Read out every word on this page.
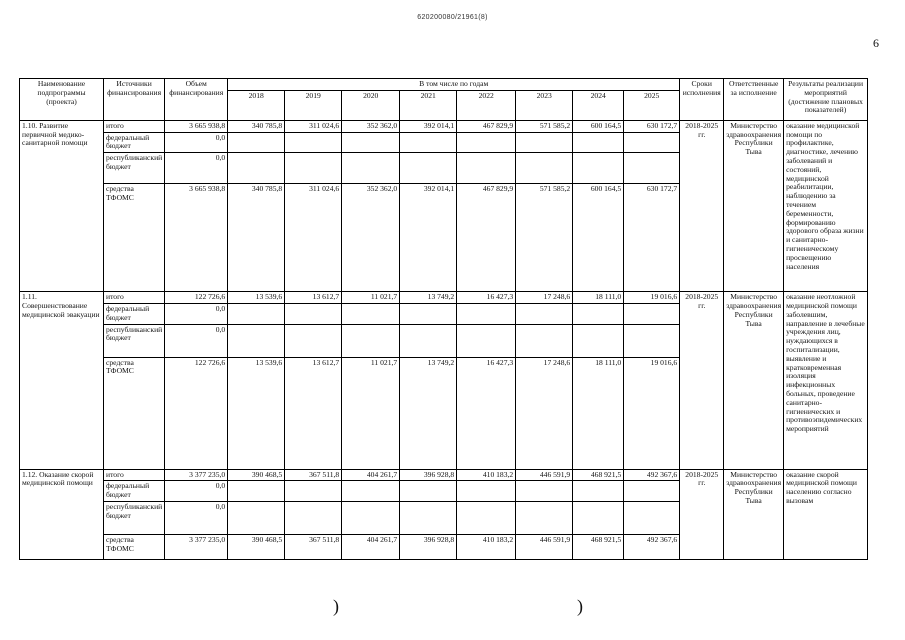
620200080/21961(8)
6
Наименование подпрограммы (проекта)	Источники финансирования	Объем финансирования	В том числе по годам								Сроки исполнения	Ответственные за исполнение	Результаты реализации мероприятий (достижение плановых показателей)
			2018	2019	2020	2021	2022	2023	2024	2025			
1.10. Развитие первичной медико-санитарной помощи	итого	3 665 938,8	340 785,8	311 024,6	352 362,0	392 014,1	467 829,9	571 585,2	600 164,5	630 172,7	2018-2025 гг.	Министерство здравоохранения Республики Тыва	оказание медицинской помощи по профилактике, диагностике, лечению заболеваний и состояний, медицинской реабилитации, наблюдению за течением беременности, формированию здорового образа жизни и санитарно-гигиеническому просвещению населения
	федеральный бюджет	0,0											
	республиканский бюджет	0,0											
	средства ТФОМС	3 665 938,8	340 785,8	311 024,6	352 362,0	392 014,1	467 829,9	571 585,2	600 164,5	630 172,7			
1.11. Совершенствование медицинской эвакуации	итого	122 726,6	13 539,6	13 612,7	11 021,7	13 749,2	16 427,3	17 248,6	18 111,0	19 016,6	2018-2025 гг.	Министерство здравоохранения Республики Тыва	оказание неотложной медицинской помощи заболевшим, направление в лечебные учреждения лиц, нуждающихся в госпитализации, выявление и кратковременная изоляция инфекционных больных, проведение санитарно-гигиенических и противоэпидемических мероприятий
	федеральный бюджет	0,0											
	республиканский бюджет	0,0											
	средства ТФОМС	122 726,6	13 539,6	13 612,7	11 021,7	13 749,2	16 427,3	17 248,6	18 111,0	19 016,6			
1.12. Оказание скорой медицинской помощи	итого	3 377 235,0	390 468,5	367 511,8	404 261,7	396 928,8	410 183,2	446 591,9	468 921,5	492 367,6	2018-2025 гг.	Министерство здравоохранения Республики Тыва	оказание скорой медицинской помощи населению согласно вызовам
	федеральный бюджет	0,0											
	республиканский бюджет	0,0											
	средства ТФОМС	3 377 235,0	390 468,5	367 511,8	404 261,7	396 928,8	410 183,2	446 591,9	468 921,5	492 367,6			
)	)
